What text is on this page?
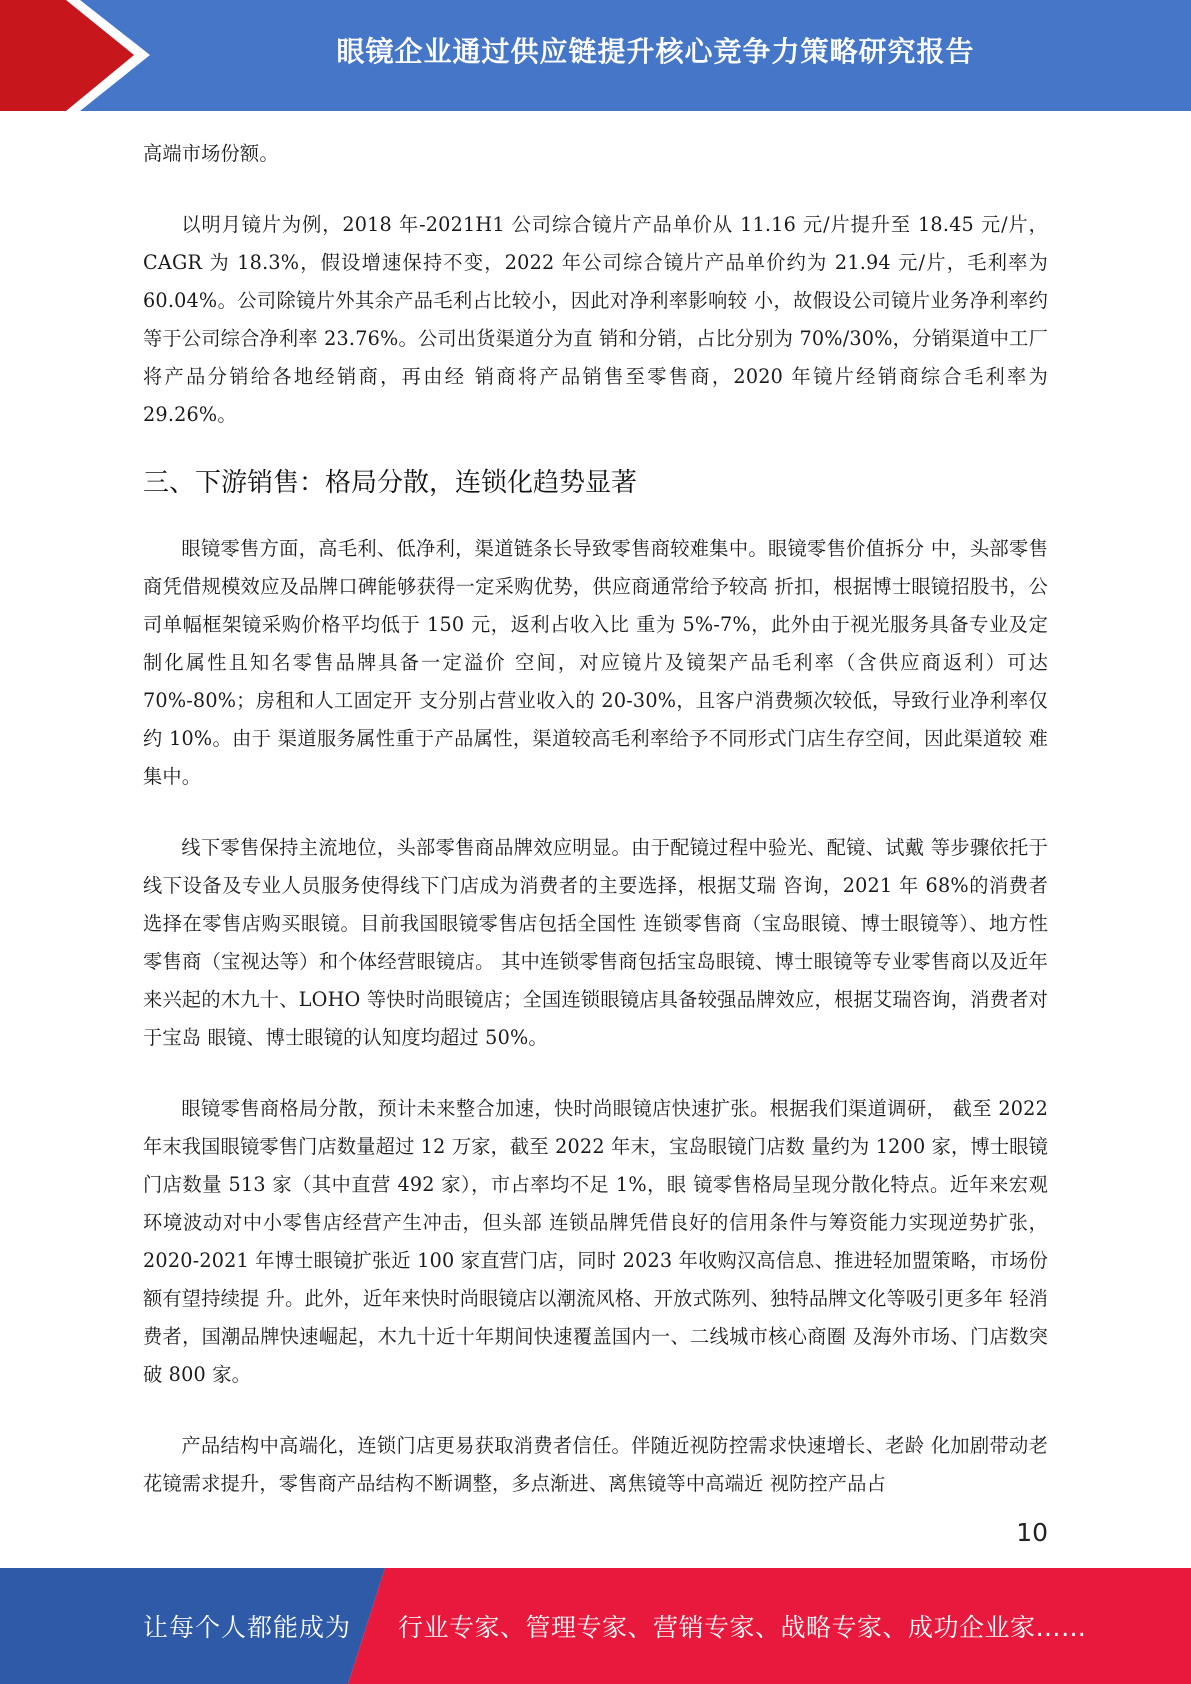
眼镜企业通过供应链提升核心竞争力策略研究报告

高端市场份额。

以明月镜片为例，2018 年-2021H1 公司综合镜片产品单价从 11.16 元/片提升至 18.45 元/片，CAGR 为 18.3%，假设增速保持不变，2022 年公司综合镜片产品单价约为 21.94 元/片，毛利率为 60.04%。公司除镜片外其余产品毛利占比较小，因此对净利率影响较 小，故假设公司镜片业务净利率约等于公司综合净利率 23.76%。公司出货渠道分为直 销和分销，占比分别为 70%/30%，分销渠道中工厂将产品分销给各地经销商，再由经 销商将产品销售至零售商，2020 年镜片经销商综合毛利率为 29.26%。

三、下游销售：格局分散，连锁化趋势显著

眼镜零售方面，高毛利、低净利，渠道链条长导致零售商较难集中。眼镜零售价值拆分 中，头部零售商凭借规模效应及品牌口碑能够获得一定采购优势，供应商通常给予较高 折扣，根据博士眼镜招股书，公司单幅框架镜采购价格平均低于 150 元，返利占收入比 重为 5%-7%，此外由于视光服务具备专业及定制化属性且知名零售品牌具备一定溢价 空间，对应镜片及镜架产品毛利率（含供应商返利）可达 70%-80%；房租和人工固定开 支分别占营业收入的 20-30%，且客户消费频次较低，导致行业净利率仅约 10%。由于 渠道服务属性重于产品属性，渠道较高毛利率给予不同形式门店生存空间，因此渠道较 难集中。

线下零售保持主流地位，头部零售商品牌效应明显。由于配镜过程中验光、配镜、试戴 等步骤依托于线下设备及专业人员服务使得线下门店成为消费者的主要选择，根据艾瑞 咨询，2021 年 68%的消费者选择在零售店购买眼镜。目前我国眼镜零售店包括全国性 连锁零售商（宝岛眼镜、博士眼镜等）、地方性零售商（宝视达等）和个体经营眼镜店。 其中连锁零售商包括宝岛眼镜、博士眼镜等专业零售商以及近年来兴起的木九十、LOHO 等快时尚眼镜店；全国连锁眼镜店具备较强品牌效应，根据艾瑞咨询，消费者对于宝岛 眼镜、博士眼镜的认知度均超过 50%。

眼镜零售商格局分散，预计未来整合加速，快时尚眼镜店快速扩张。根据我们渠道调研， 截至 2022 年末我国眼镜零售门店数量超过 12 万家，截至 2022 年末，宝岛眼镜门店数 量约为 1200 家，博士眼镜门店数量 513 家（其中直营 492 家），市占率均不足 1%，眼 镜零售格局呈现分散化特点。近年来宏观环境波动对中小零售店经营产生冲击，但头部 连锁品牌凭借良好的信用条件与筹资能力实现逆势扩张，2020-2021 年博士眼镜扩张近 100 家直营门店，同时 2023 年收购汉高信息、推进轻加盟策略，市场份额有望持续提 升。此外，近年来快时尚眼镜店以潮流风格、开放式陈列、独特品牌文化等吸引更多年 轻消费者，国潮品牌快速崛起，木九十近十年期间快速覆盖国内一、二线城市核心商圈 及海外市场、门店数突破 800 家。

产品结构中高端化，连锁门店更易获取消费者信任。伴随近视防控需求快速增长、老龄 化加剧带动老花镜需求提升，零售商产品结构不断调整，多点渐进、离焦镜等中高端近 视防控产品占

10
让每个人都能成为 行业专家、管理专家、营销专家、战略专家、成功企业家……
